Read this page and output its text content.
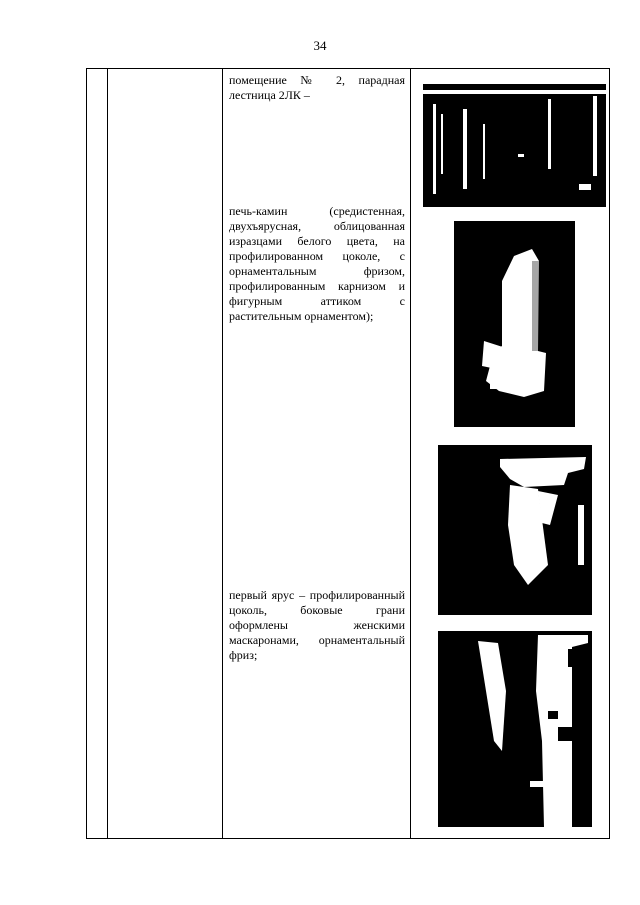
34
помещение № 2, парадная лестница 2ЛК –
печь-камин (средистенная, двухъярусная, облицованная изразцами белого цвета, на профилированном цоколе, с орнаментальным фризом, профилированным карнизом и фигурным аттиком с растительным орнаментом);
первый ярус – профилированный цоколь, боковые грани оформлены женскими маскаронами, орнаментальный фриз;
